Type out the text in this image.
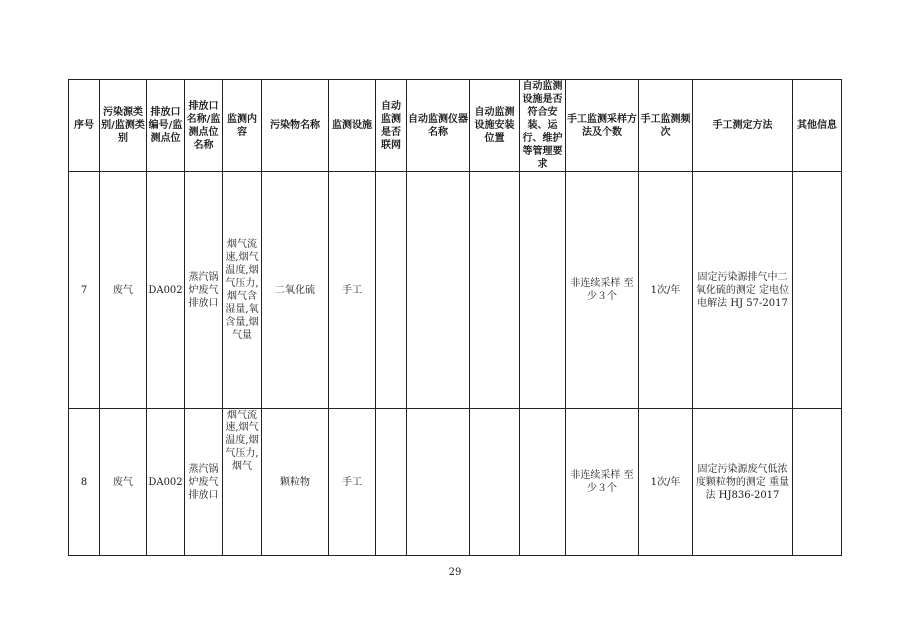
序号	污染源类别/监测类别	排放口编号/监测点位	排放口名称/监测点位名称	监测内容	污染物名称	监测设施	自动监测是否联网	自动监测仪器名称	自动监测设施安装位置	自动监测设施是否符合安装、运行、维护等管理要求	手工监测采样方法及个数	手工监测频次	手工测定方法	其他信息
7	废气	DA002	蒸汽锅炉废气排放口	烟气流速,烟气温度,烟气压力,烟气含湿量,氧含量,烟气量	二氧化硫	手工					非连续采样 至少３个	1次/年	固定污染源排气中二氧化硫的测定 定电位电解法 HJ 57-2017	
8	废气	DA002	蒸汽锅炉废气排放口	烟气流速,烟气温度,烟气压力,烟气	颗粒物	手工					非连续采样 至少３个	1次/年	固定污染源废气低浓度颗粒物的测定 重量法 HJ836-2017	
29
